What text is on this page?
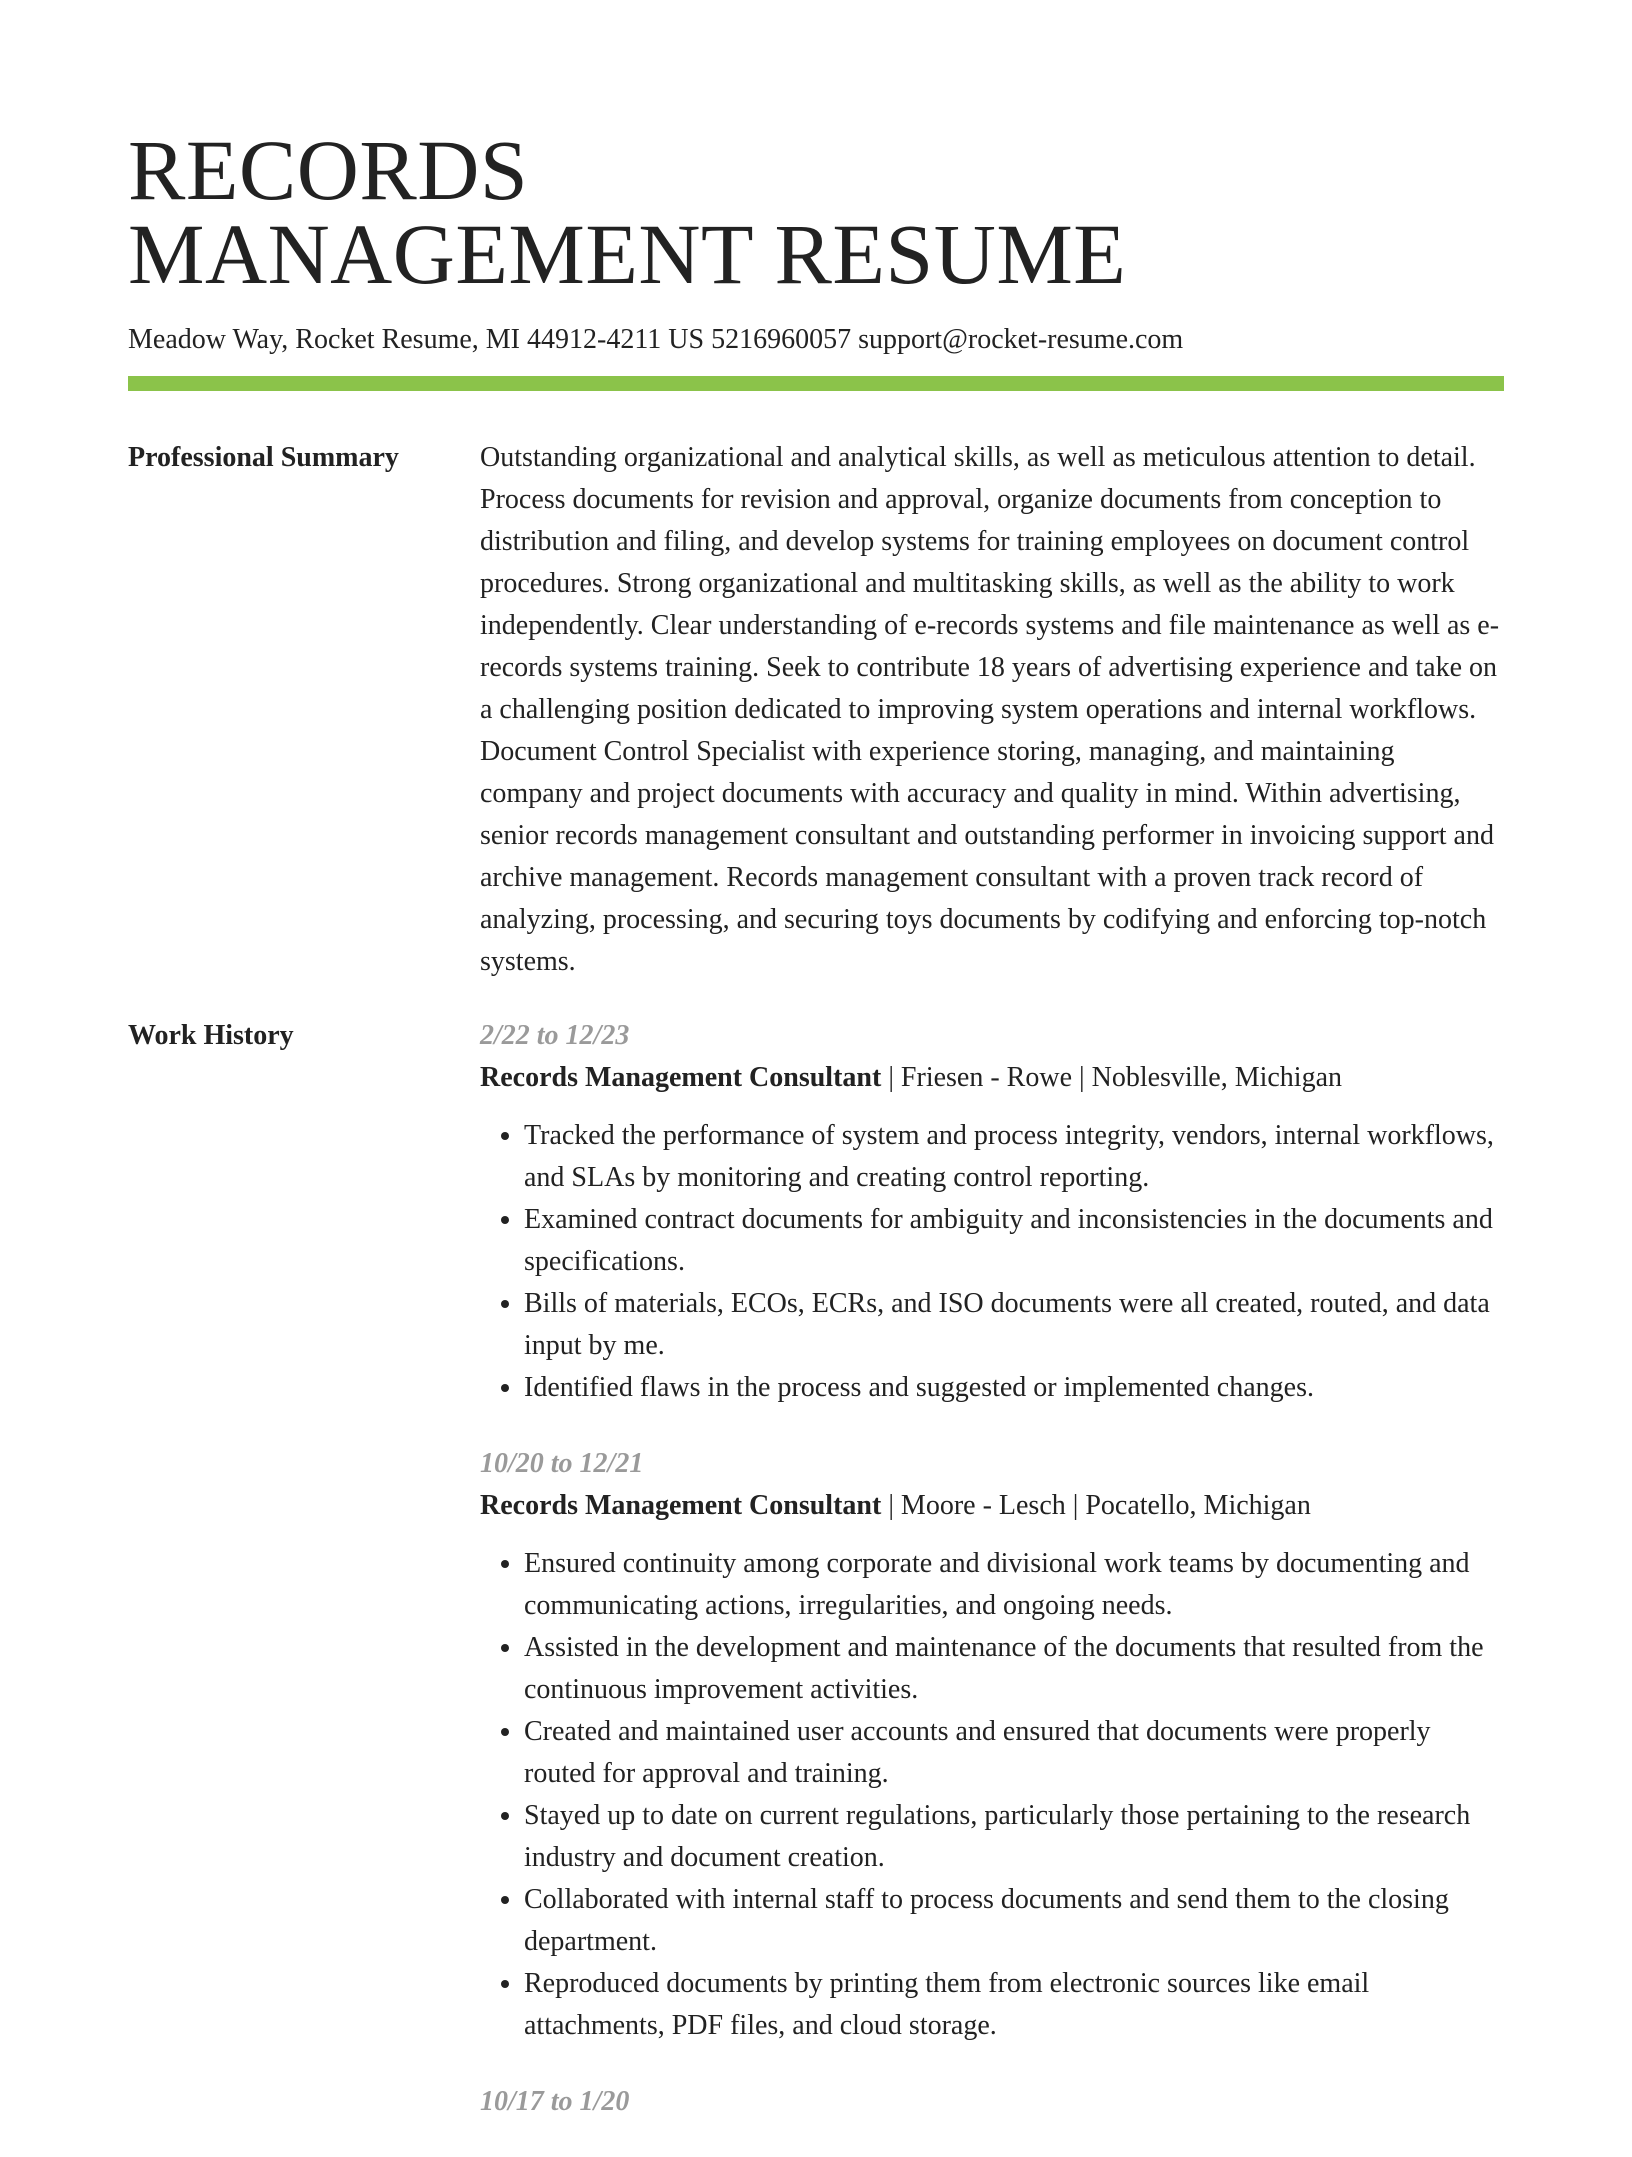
RECORDS
MANAGEMENT RESUME
Meadow Way, Rocket Resume, MI 44912-4211 US 5216960057 support@rocket-resume.com
Professional Summary	Outstanding organizational and analytical skills, as well as meticulous attention to detail. Process documents for revision and approval, organize documents from conception to distribution and filing, and develop systems for training employees on document control procedures. Strong organizational and multitasking skills, as well as the ability to work independently. Clear understanding of e-records systems and file maintenance as well as e-records systems training. Seek to contribute 18 years of advertising experience and take on a challenging position dedicated to improving system operations and internal workflows. Document Control Specialist with experience storing, managing, and maintaining company and project documents with accuracy and quality in mind. Within advertising, senior records management consultant and outstanding performer in invoicing support and archive management. Records management consultant with a proven track record of analyzing, processing, and securing toys documents by codifying and enforcing top-notch systems.

Work History	2/22 to 12/23
Records Management Consultant | Friesen - Rowe | Noblesville, Michigan
• Tracked the performance of system and process integrity, vendors, internal workflows, and SLAs by monitoring and creating control reporting.
• Examined contract documents for ambiguity and inconsistencies in the documents and specifications.
• Bills of materials, ECOs, ECRs, and ISO documents were all created, routed, and data input by me.
• Identified flaws in the process and suggested or implemented changes.
10/20 to 12/21
Records Management Consultant | Moore - Lesch | Pocatello, Michigan
• Ensured continuity among corporate and divisional work teams by documenting and communicating actions, irregularities, and ongoing needs.
• Assisted in the development and maintenance of the documents that resulted from the continuous improvement activities.
• Created and maintained user accounts and ensured that documents were properly routed for approval and training.
• Stayed up to date on current regulations, particularly those pertaining to the research industry and document creation.
• Collaborated with internal staff to process documents and send them to the closing department.
• Reproduced documents by printing them from electronic sources like email attachments, PDF files, and cloud storage.
10/17 to 1/20
